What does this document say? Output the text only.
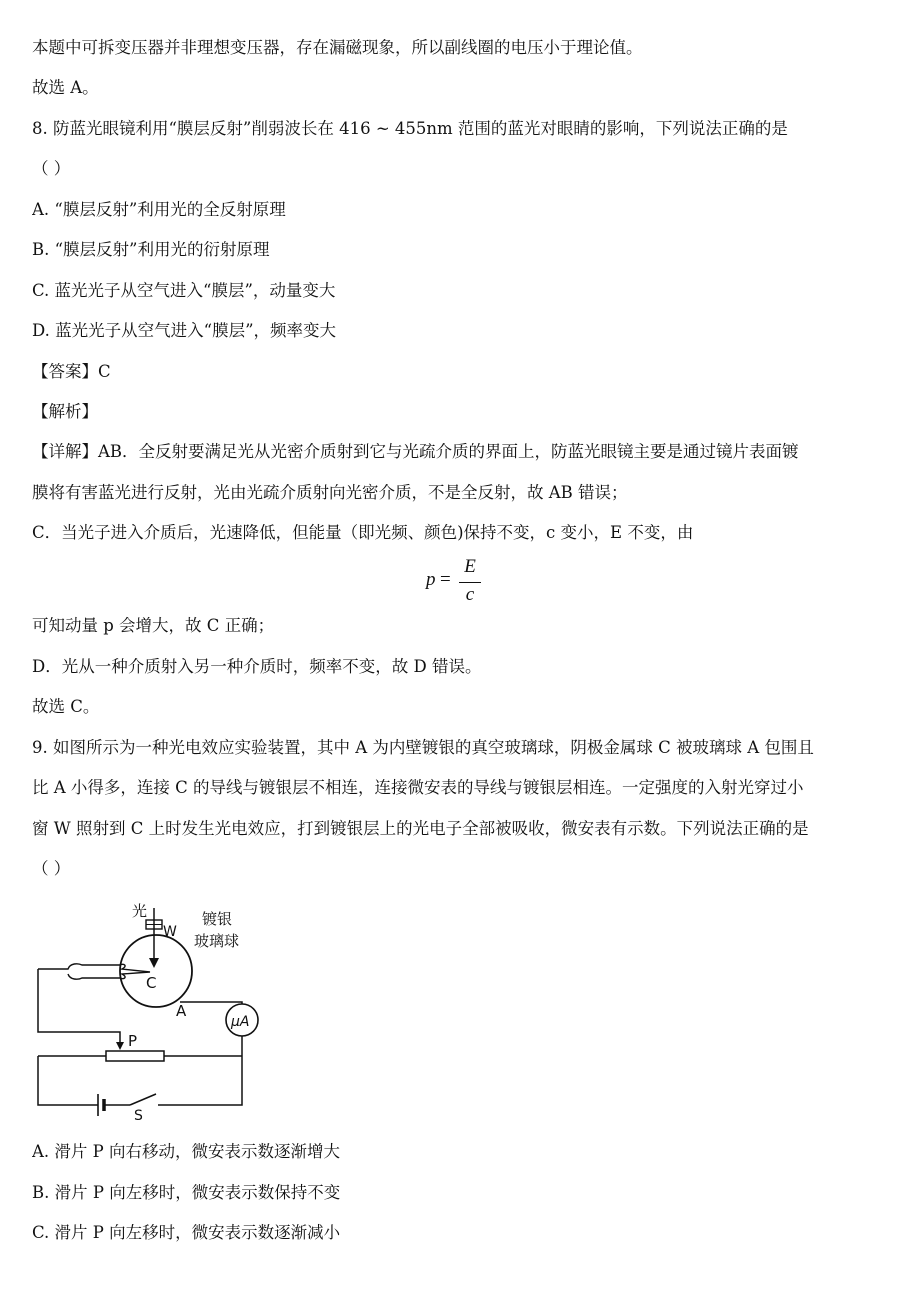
本题中可拆变压器并非理想变压器，存在漏磁现象，所以副线圈的电压小于理论值。
故选 A。
8. 防蓝光眼镜利用“膜层反射”削弱波长在 416 ~ 455nm 范围的蓝光对眼睛的影响，下列说法正确的是
（ ）
A. “膜层反射”利用光的全反射原理
B. “膜层反射”利用光的衍射原理
C. 蓝光光子从空气进入“膜层”，动量变大
D. 蓝光光子从空气进入“膜层”，频率变大
【答案】C
【解析】
【详解】AB．全反射要满足光从光密介质射到它与光疏介质的界面上，防蓝光眼镜主要是通过镜片表面镀
膜将有害蓝光进行反射，光由光疏介质射向光密介质，不是全反射，故 AB 错误；
C．当光子进入介质后，光速降低，但能量（即光频、颜色)保持不变，c 变小，E 不变，由
p =
E
c
可知动量 p 会增大，故 C 正确；
D．光从一种介质射入另一种介质时，频率不变，故 D 错误。
故选 C。
9. 如图所示为一种光电效应实验装置，其中 A 为内壁镀银的真空玻璃球，阴极金属球 C 被玻璃球 A 包围且
比 A 小得多，连接 C 的导线与镀银层不相连，连接微安表的导线与镀银层相连。一定强度的入射光穿过小
窗 W 照射到 C 上时发生光电效应，打到镀银层上的光电子全部被吸收，微安表有示数。下列说法正确的是
（ ）
光
W
镀银
玻璃球
C
A
μA
P
S
A. 滑片 P 向右移动，微安表示数逐渐增大
B. 滑片 P 向左移时，微安表示数保持不变
C. 滑片 P 向左移时，微安表示数逐渐减小
